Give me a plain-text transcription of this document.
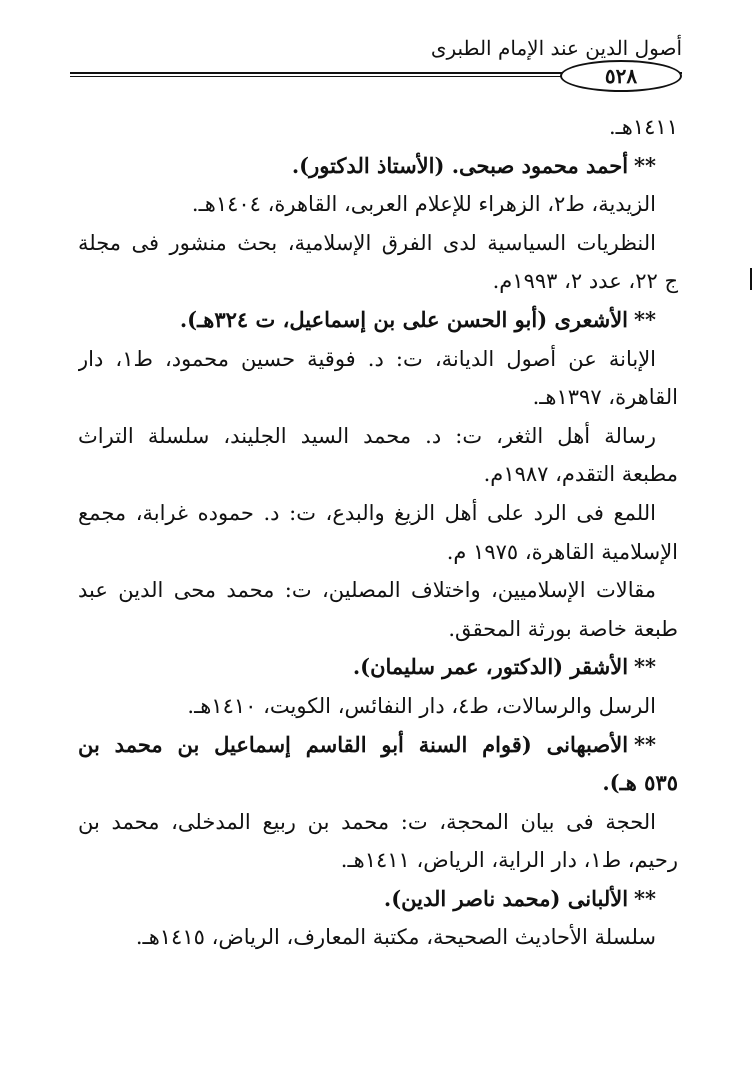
أصول الدين عند الإمام الطبرى
٥٢٨
١٤١١هـ.
**أحمد محمود صبحى. (الأستاذ الدكتور).
الزيدية، ط٢، الزهراء للإعلام العربى، القاهرة، ١٤٠٤هـ.
النظريات السياسية لدى الفرق الإسلامية، بحث منشور فى مجلة
ج ٢٢، عدد ٢، ١٩٩٣م.
**الأشعرى (أبو الحسن على بن إسماعيل، ت ٣٢٤هـ).
الإبانة عن أصول الديانة، ت: د. فوقية حسين محمود، ط١، دار
القاهرة، ١٣٩٧هـ.
رسالة أهل الثغر، ت: د. محمد السيد الجليند، سلسلة التراث
مطبعة التقدم، ١٩٨٧م.
اللمع فى الرد على أهل الزيغ والبدع، ت: د. حموده غرابة، مجمع
الإسلامية القاهرة، ١٩٧٥ م.
مقالات الإسلاميين، واختلاف المصلين، ت: محمد محى الدين عبد
طبعة خاصة بورثة المحقق.
**الأشقر (الدكتور، عمر سليمان).
الرسل والرسالات، ط٤، دار النفائس، الكويت، ١٤١٠هـ.
**الأصبهانى (قوام السنة أبو القاسم إسماعيل بن محمد بن
٥٣٥ هـ).
الحجة فى بيان المحجة، ت: محمد بن ربيع المدخلى، محمد بن
رحيم، ط١، دار الراية، الرياض، ١٤١١هـ.
**الألبانى (محمد ناصر الدين).
سلسلة الأحاديث الصحيحة، مكتبة المعارف، الرياض، ١٤١٥هـ.
